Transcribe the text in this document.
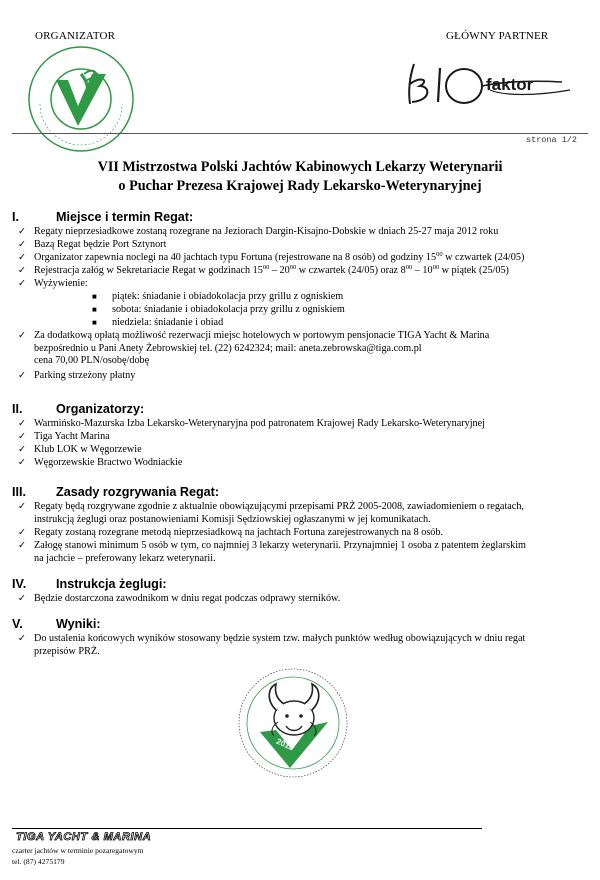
ORGANIZATOR	GŁÓWNY PARTNER
faktor
strona 1/2
VII Mistrzostwa Polski Jachtów Kabinowych Lekarzy Weterynarii
o Puchar Prezesa Krajowej Rady Lekarsko-Weterynaryjnej
I.	Miejsce i termin Regat:
✓ Regaty nieprzesiadkowe zostaną rozegrane na Jeziorach Dargin-Kisajno-Dobskie w dniach 25-27 maja 2012 roku
✓ Bazą Regat będzie Port Sztynort
✓ Organizator zapewnia noclegi na 40 jachtach typu Fortuna (rejestrowane na 8 osób) od godziny $15^{00}$ w czwartek (24/05)
✓ Rejestracja załóg w Sekretariacie Regat w godzinach $15^{00} - 20^{00}$ w czwartek (24/05) oraz $8^{00} - 10^{00}$ w piątek (25/05)
✓ Wyżywienie:
■ piątek: śniadanie i obiadokolacja przy grillu z ogniskiem
■ sobota: śniadanie i obiadokolacja przy grillu z ogniskiem
■ niedziela: śniadanie i obiad
✓ Za dodatkową opłatą możliwość rezerwacji miejsc hotelowych w portowym pensjonacie TIGA Yacht & Marina
bezpośrednio u Pani Anety Żebrowskiej tel. (22) 6242324; mail: aneta.zebrowska@tiga.com.pl
cena 70,00 PLN/osobę/dobę
✓ Parking strzeżony płatny
II.	Organizatorzy:
✓ Warmińsko-Mazurska Izba Lekarsko-Weterynaryjna pod patronatem Krajowej Rady Lekarsko-Weterynaryjnej
✓ Tiga Yacht Marina
✓ Klub LOK w Węgorzewie
✓ Węgorzewskie Bractwo Wodniackie
III. Zasady rozgrywania Regat:
✓ Regaty będą rozgrywane zgodnie z aktualnie obowiązującymi przepisami PRŻ 2005-2008, zawiadomieniem o regatach,
instrukcją żeglugi oraz postanowieniami Komisji Sędziowskiej ogłaszanymi w jej komunikatach.
✓ Regaty zostaną rozegrane metodą nieprzesiadkową na jachtach Fortuna zarejestrowanych na 8 osób.
✓ Załogę stanowi minimum 5 osób w tym, co najmniej 3 lekarzy weterynarii. Przynajmniej 1 osoba z patentem żeglarskim
na jachcie – preferowany lekarz weterynarii.
IV. Instrukcja żeglugi:
✓ Będzie dostarczona zawodnikom w dniu regat podczas odprawy sterników.
V.	Wyniki:
✓ Do ustalenia końcowych wyników stosowany będzie system tzw. małych punktów według obowiązujących w dniu regat
przepisów PRŻ.
2012
TIGA YACHT & MARINA
czarter jachtów w terminie pozaregatowym
tel. (87) 4275179
